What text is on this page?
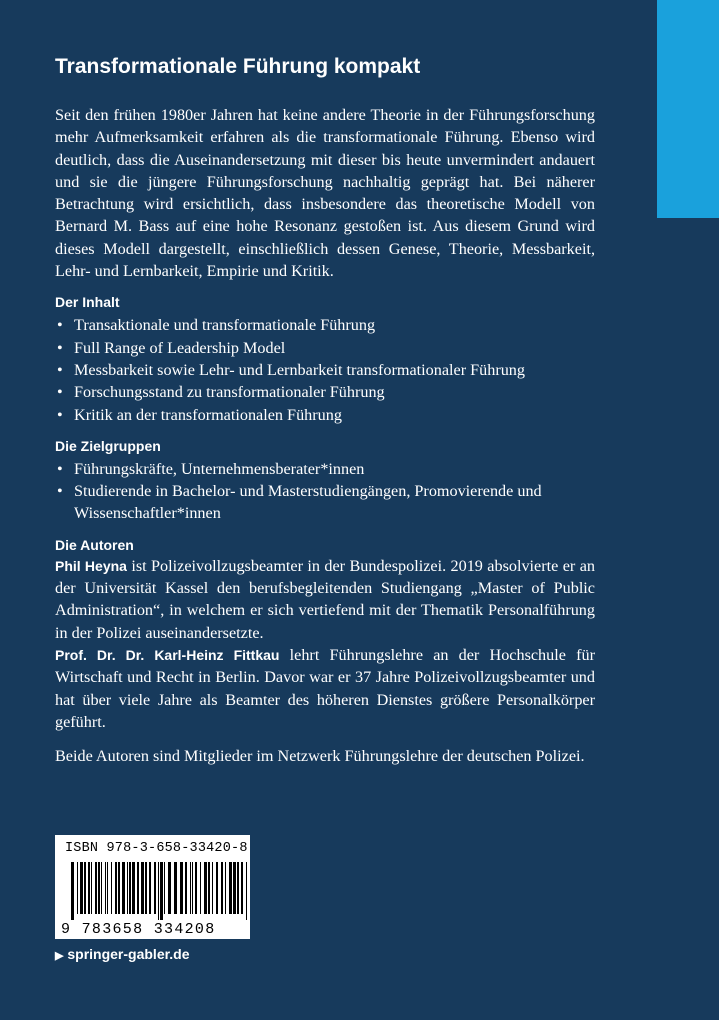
Transformationale Führung kompakt

Seit den frühen 1980er Jahren hat keine andere Theorie in der Führungsforschung mehr Aufmerksamkeit erfahren als die transformationale Führung. Ebenso wird deutlich, dass die Auseinandersetzung mit dieser bis heute unvermindert andauert und sie die jüngere Führungsforschung nachhaltig geprägt hat. Bei näherer Betrachtung wird ersichtlich, dass insbesondere das theoretische Modell von Bernard M. Bass auf eine hohe Resonanz gestoßen ist. Aus diesem Grund wird dieses Modell dargestellt, einschließlich dessen Genese, Theorie, Messbarkeit, Lehr- und Lernbarkeit, Empirie und Kritik.

Der Inhalt
• Transaktionale und transformationale Führung
• Full Range of Leadership Model
• Messbarkeit sowie Lehr- und Lernbarkeit transformationaler Führung
• Forschungsstand zu transformationaler Führung
• Kritik an der transformationalen Führung
Die Zielgruppen
• Führungskräfte, Unternehmensberater*innen
• Studierende in Bachelor- und Masterstudiengängen, Promovierende und Wissenschaftler*innen
Die Autoren

Phil Heyna ist Polizeivollzugsbeamter in der Bundespolizei. 2019 absolvierte er an der Universität Kassel den berufsbegleitenden Studiengang „Master of Public Administration“, in welchem er sich vertiefend mit der Thematik Personalführung in der Polizei auseinandersetzte.

Prof. Dr. Dr. Karl-Heinz Fittkau lehrt Führungslehre an der Hochschule für Wirtschaft und Recht in Berlin. Davor war er 37 Jahre Polizeivollzugsbeamter und hat über viele Jahre als Beamter des höheren Dienstes größere Personalkörper geführt.

Beide Autoren sind Mitglieder im Netzwerk Führungslehre der deutschen Polizei.

ISBN 978-3-658-33420-8
9 783658 334208
▶ springer-gabler.de
